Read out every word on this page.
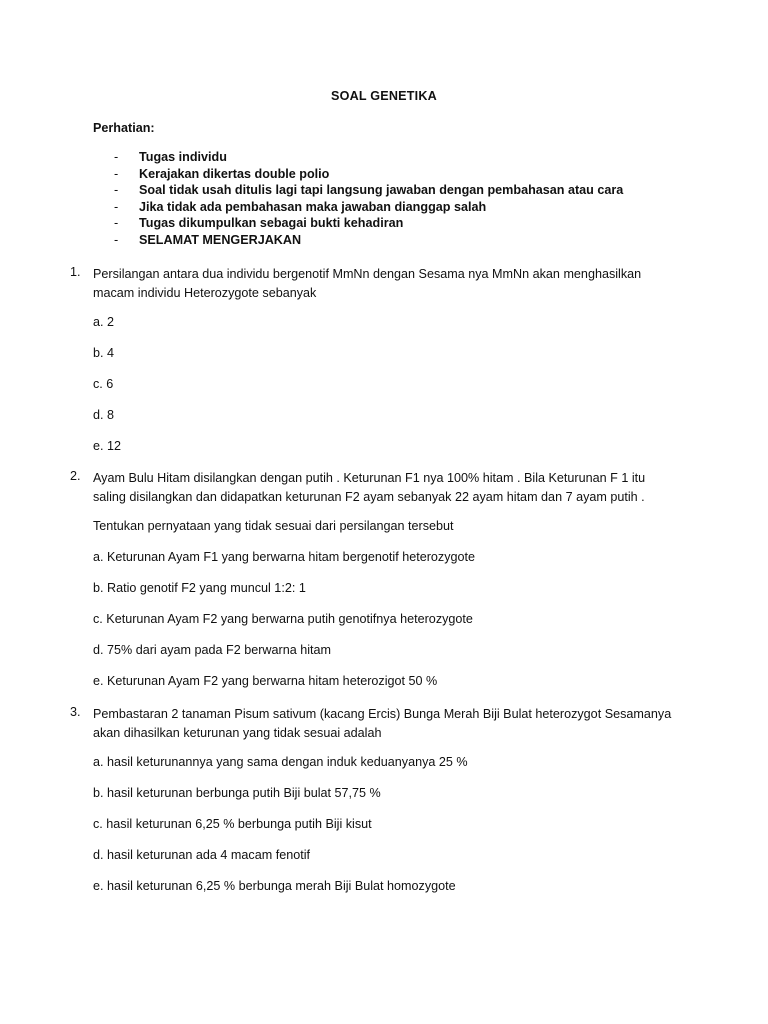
SOAL GENETIKA
Perhatian:
- Tugas individu
- Kerajakan dikertas double polio
- Soal tidak usah ditulis lagi tapi langsung jawaban dengan pembahasan atau cara
- Jika tidak ada pembahasan maka jawaban dianggap salah
- Tugas dikumpulkan sebagai bukti kehadiran
- SELAMAT MENGERJAKAN
1. Persilangan antara dua individu bergenotif MmNn dengan Sesama nya MmNn akan menghasilkan
macam individu Heterozygote sebanyak
a. 2
b. 4
c. 6
d. 8
e. 12
2. Ayam Bulu Hitam disilangkan dengan putih . Keturunan F1 nya 100% hitam . Bila Keturunan F 1 itu
saling disilangkan dan didapatkan keturunan F2 ayam sebanyak 22 ayam hitam dan 7 ayam putih .
Tentukan pernyataan yang tidak sesuai dari persilangan tersebut
a. Keturunan Ayam F1 yang berwarna hitam bergenotif heterozygote
b. Ratio genotif F2 yang muncul 1:2: 1
c. Keturunan Ayam F2 yang berwarna putih genotifnya heterozygote
d. 75% dari ayam pada F2 berwarna hitam
e. Keturunan Ayam F2 yang berwarna hitam heterozigot 50 %
3. Pembastaran 2 tanaman Pisum sativum (kacang Ercis) Bunga Merah Biji Bulat heterozygot Sesamanya
akan dihasilkan keturunan yang tidak sesuai adalah
a. hasil keturunannya yang sama dengan induk keduanyanya 25 %
b. hasil keturunan berbunga putih Biji bulat 57,75 %
c. hasil keturunan 6,25 % berbunga putih Biji kisut
d. hasil keturunan ada 4 macam fenotif
e. hasil keturunan 6,25 % berbunga merah Biji Bulat homozygote
